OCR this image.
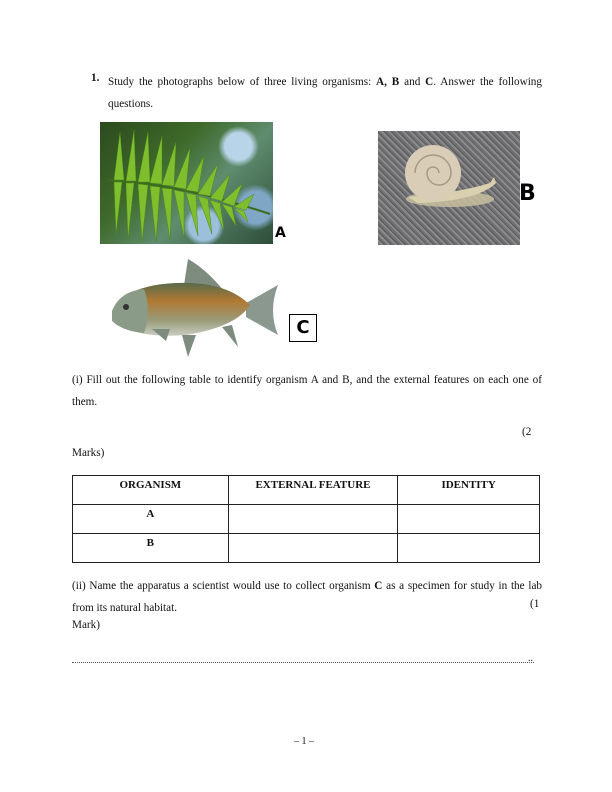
1. Study the photographs below of three living organisms: A, B and C. Answer the following questions.
A
B
C
(i) Fill out the following table to identify organism A and B, and the external features on each one of them.
(2
Marks)
ORGANISM	EXTERNAL FEATURE	IDENTITY
A		
B		
(ii) Name the apparatus a scientist would use to collect organism C as a specimen for study in the lab from its natural habitat.	(1
Mark)
..
– 1 –
